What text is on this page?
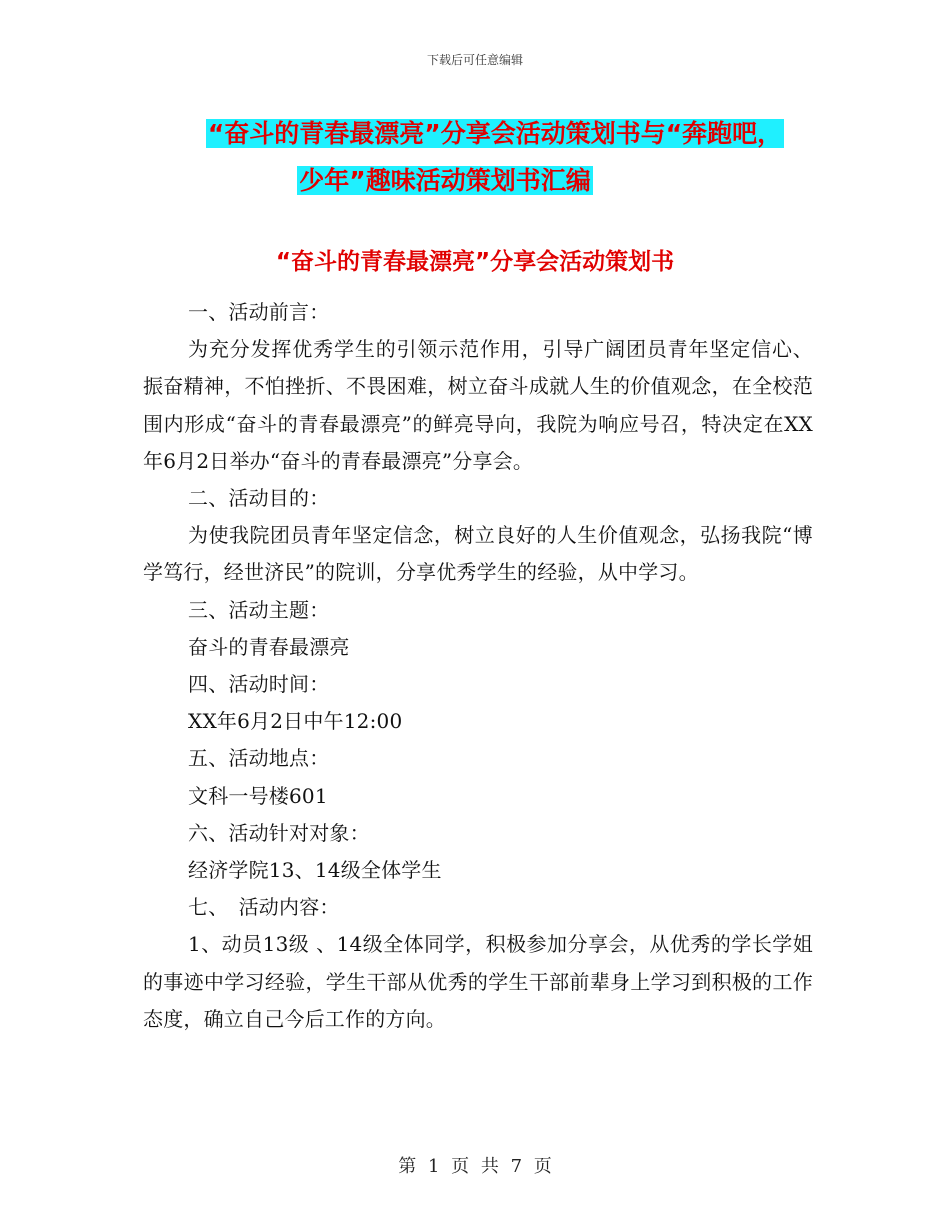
下载后可任意编辑
“奋斗的青春最漂亮”分享会活动策划书与“奔跑吧，
少年”趣味活动策划书汇编
“奋斗的青春最漂亮”分享会活动策划书

一、活动前言：

为充分发挥优秀学生的引领示范作用，引导广阔团员青年坚定信心、振奋精神，不怕挫折、不畏困难，树立奋斗成就人生的价值观念，在全校范围内形成“奋斗的青春最漂亮”的鲜亮导向，我院为响应号召，特决定在XX年6月2日举办“奋斗的青春最漂亮”分享会。

二、活动目的：

为使我院团员青年坚定信念，树立良好的人生价值观念，弘扬我院“博学笃行，经世济民”的院训，分享优秀学生的经验，从中学习。

三、活动主题：

奋斗的青春最漂亮

四、活动时间：

XX年6月2日中午12:00

五、活动地点：

文科一号楼601

六、活动针对对象：

经济学院13、14级全体学生

七、　活动内容：

1、动员13级 、14级全体同学，积极参加分享会，从优秀的学长学姐的事迹中学习经验，学生干部从优秀的学生干部前辈身上学习到积极的工作态度，确立自己今后工作的方向。

第 1 页 共 7 页
